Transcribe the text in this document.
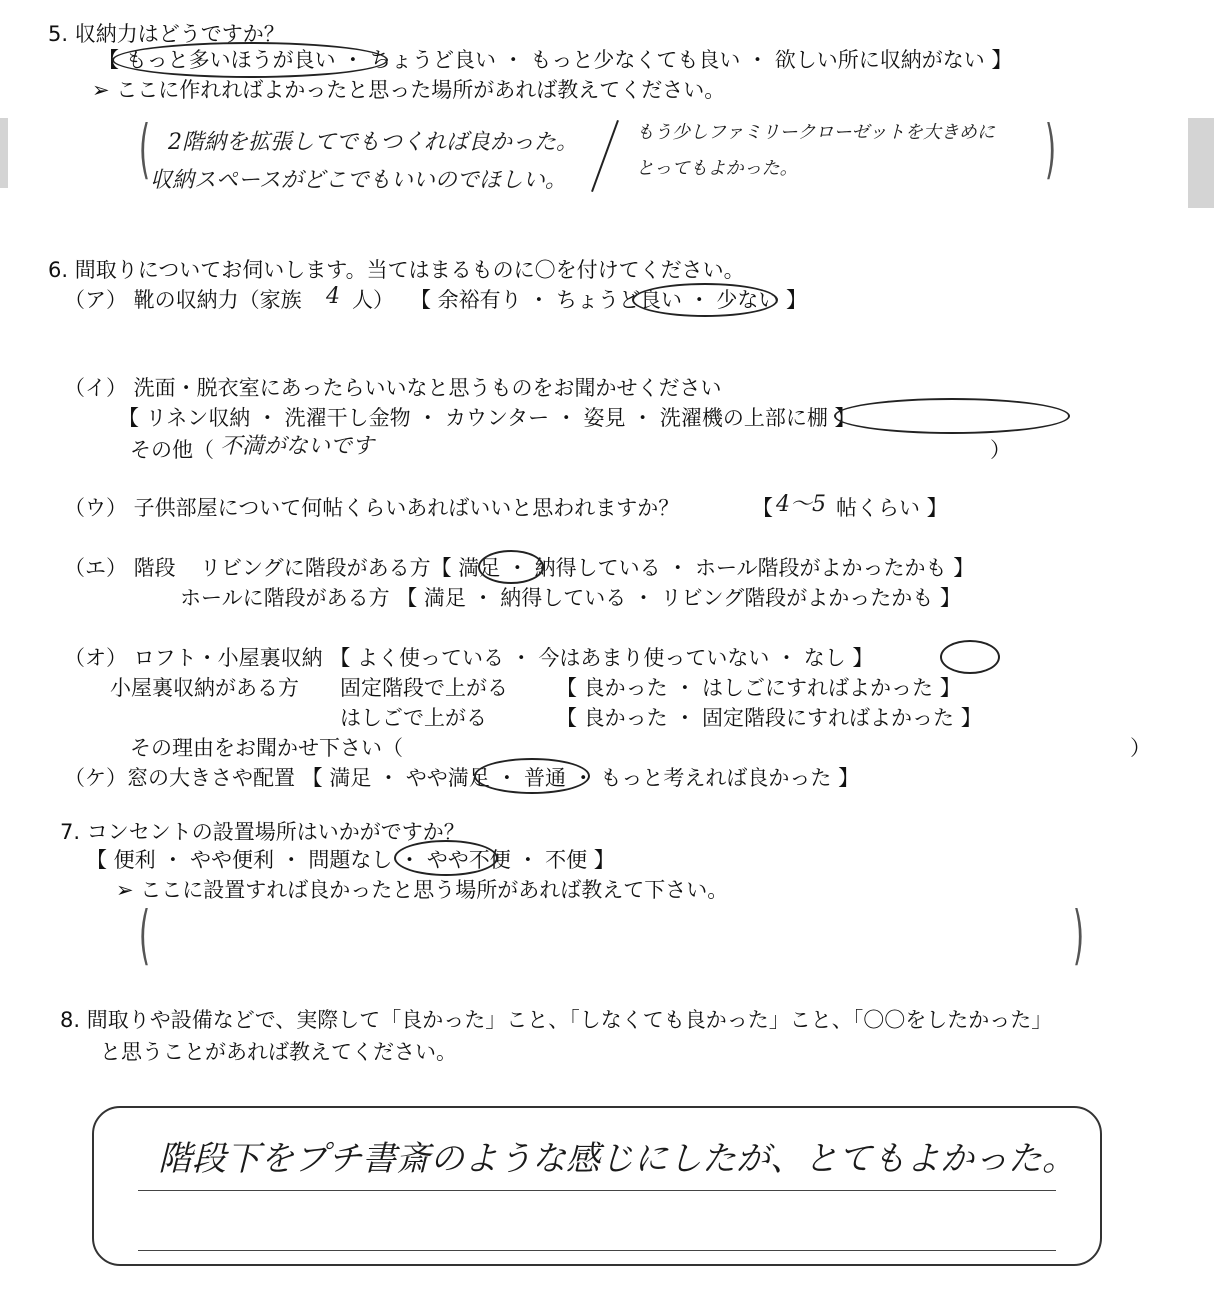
5. 収納力はどうですか？
【 もっと多いほうが良い ・ ちょうど良い ・ もっと少なくても良い ・ 欲しい所に収納がない 】
➢ ここに作れればよかったと思った場所があれば教えてください。
(	)
2階納を拡張してでもつくれば良かった。
収納スペースがどこでもいいのでほしい。
もう少しファミリークローゼットを大きめに
とってもよかった。
6. 間取りについてお伺いします。当てはまるものに〇を付けてください。
（ア） 靴の収納力（家族 4 人） 【 余裕有り ・ ちょうど良い ・ 少ない 】
（イ） 洗面・脱衣室にあったらいいなと思うものをお聞かせください
【 リネン収納 ・ 洗濯干し金物 ・ カウンター ・ 姿見 ・ 洗濯機の上部に棚 】
その他（ 不満がないです	）
（ウ） 子供部屋について何帖くらいあればいいと思われますか？	【 4〜5 帖くらい 】
（エ） 階段 リビングに階段がある方【 満足 ・ 納得している ・ ホール階段がよかったかも 】
ホールに階段がある方 【 満足 ・ 納得している ・ リビング階段がよかったかも 】
（オ） ロフト・小屋裏収納 【 よく使っている ・ 今はあまり使っていない ・ なし 】
小屋裏収納がある方 固定階段で上がる 【 良かった ・ はしごにすればよかった 】
はしごで上がる	【 良かった ・ 固定階段にすればよかった 】
その理由をお聞かせ下さい（	）
（ケ）窓の大きさや配置 【 満足 ・ やや満足 ・ 普通 ・ もっと考えれば良かった 】
7. コンセントの設置場所はいかがですか？
【 便利 ・ やや便利 ・ 問題なし ・ やや不便 ・ 不便 】
➢ ここに設置すれば良かったと思う場所があれば教えて下さい。
(	)
8. 間取りや設備などで、実際して「良かった」こと、「しなくても良かった」こと、「〇〇をしたかった」
と思うことがあれば教えてください。
階段下をプチ書斎のような感じにしたが、とてもよかった。
